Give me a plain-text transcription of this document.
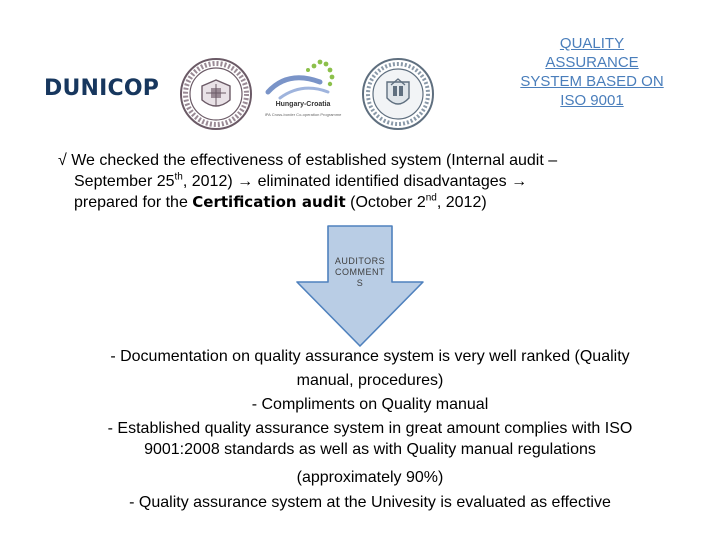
DUNICOP
Hungary-Croatia
IPA Cross-border Co-operation Programme
QUALITY
ASSURANCE
SYSTEM BASED ON
ISO 9001
√ We checked the effectiveness of established system (Internal audit –
September 25th, 2012) → eliminated identified disadvantages →
prepared for the Certification audit (October 2nd, 2012)
AUDITORS
COMMENT
S
- Documentation on quality assurance system is very well ranked (Quality
manual, procedures)
- Compliments on Quality manual
- Established quality assurance system in great amount complies with ISO
9001:2008 standards as well as with Quality manual regulations
(approximately 90%)
- Quality assurance system at the Univesity is evaluated as effective
